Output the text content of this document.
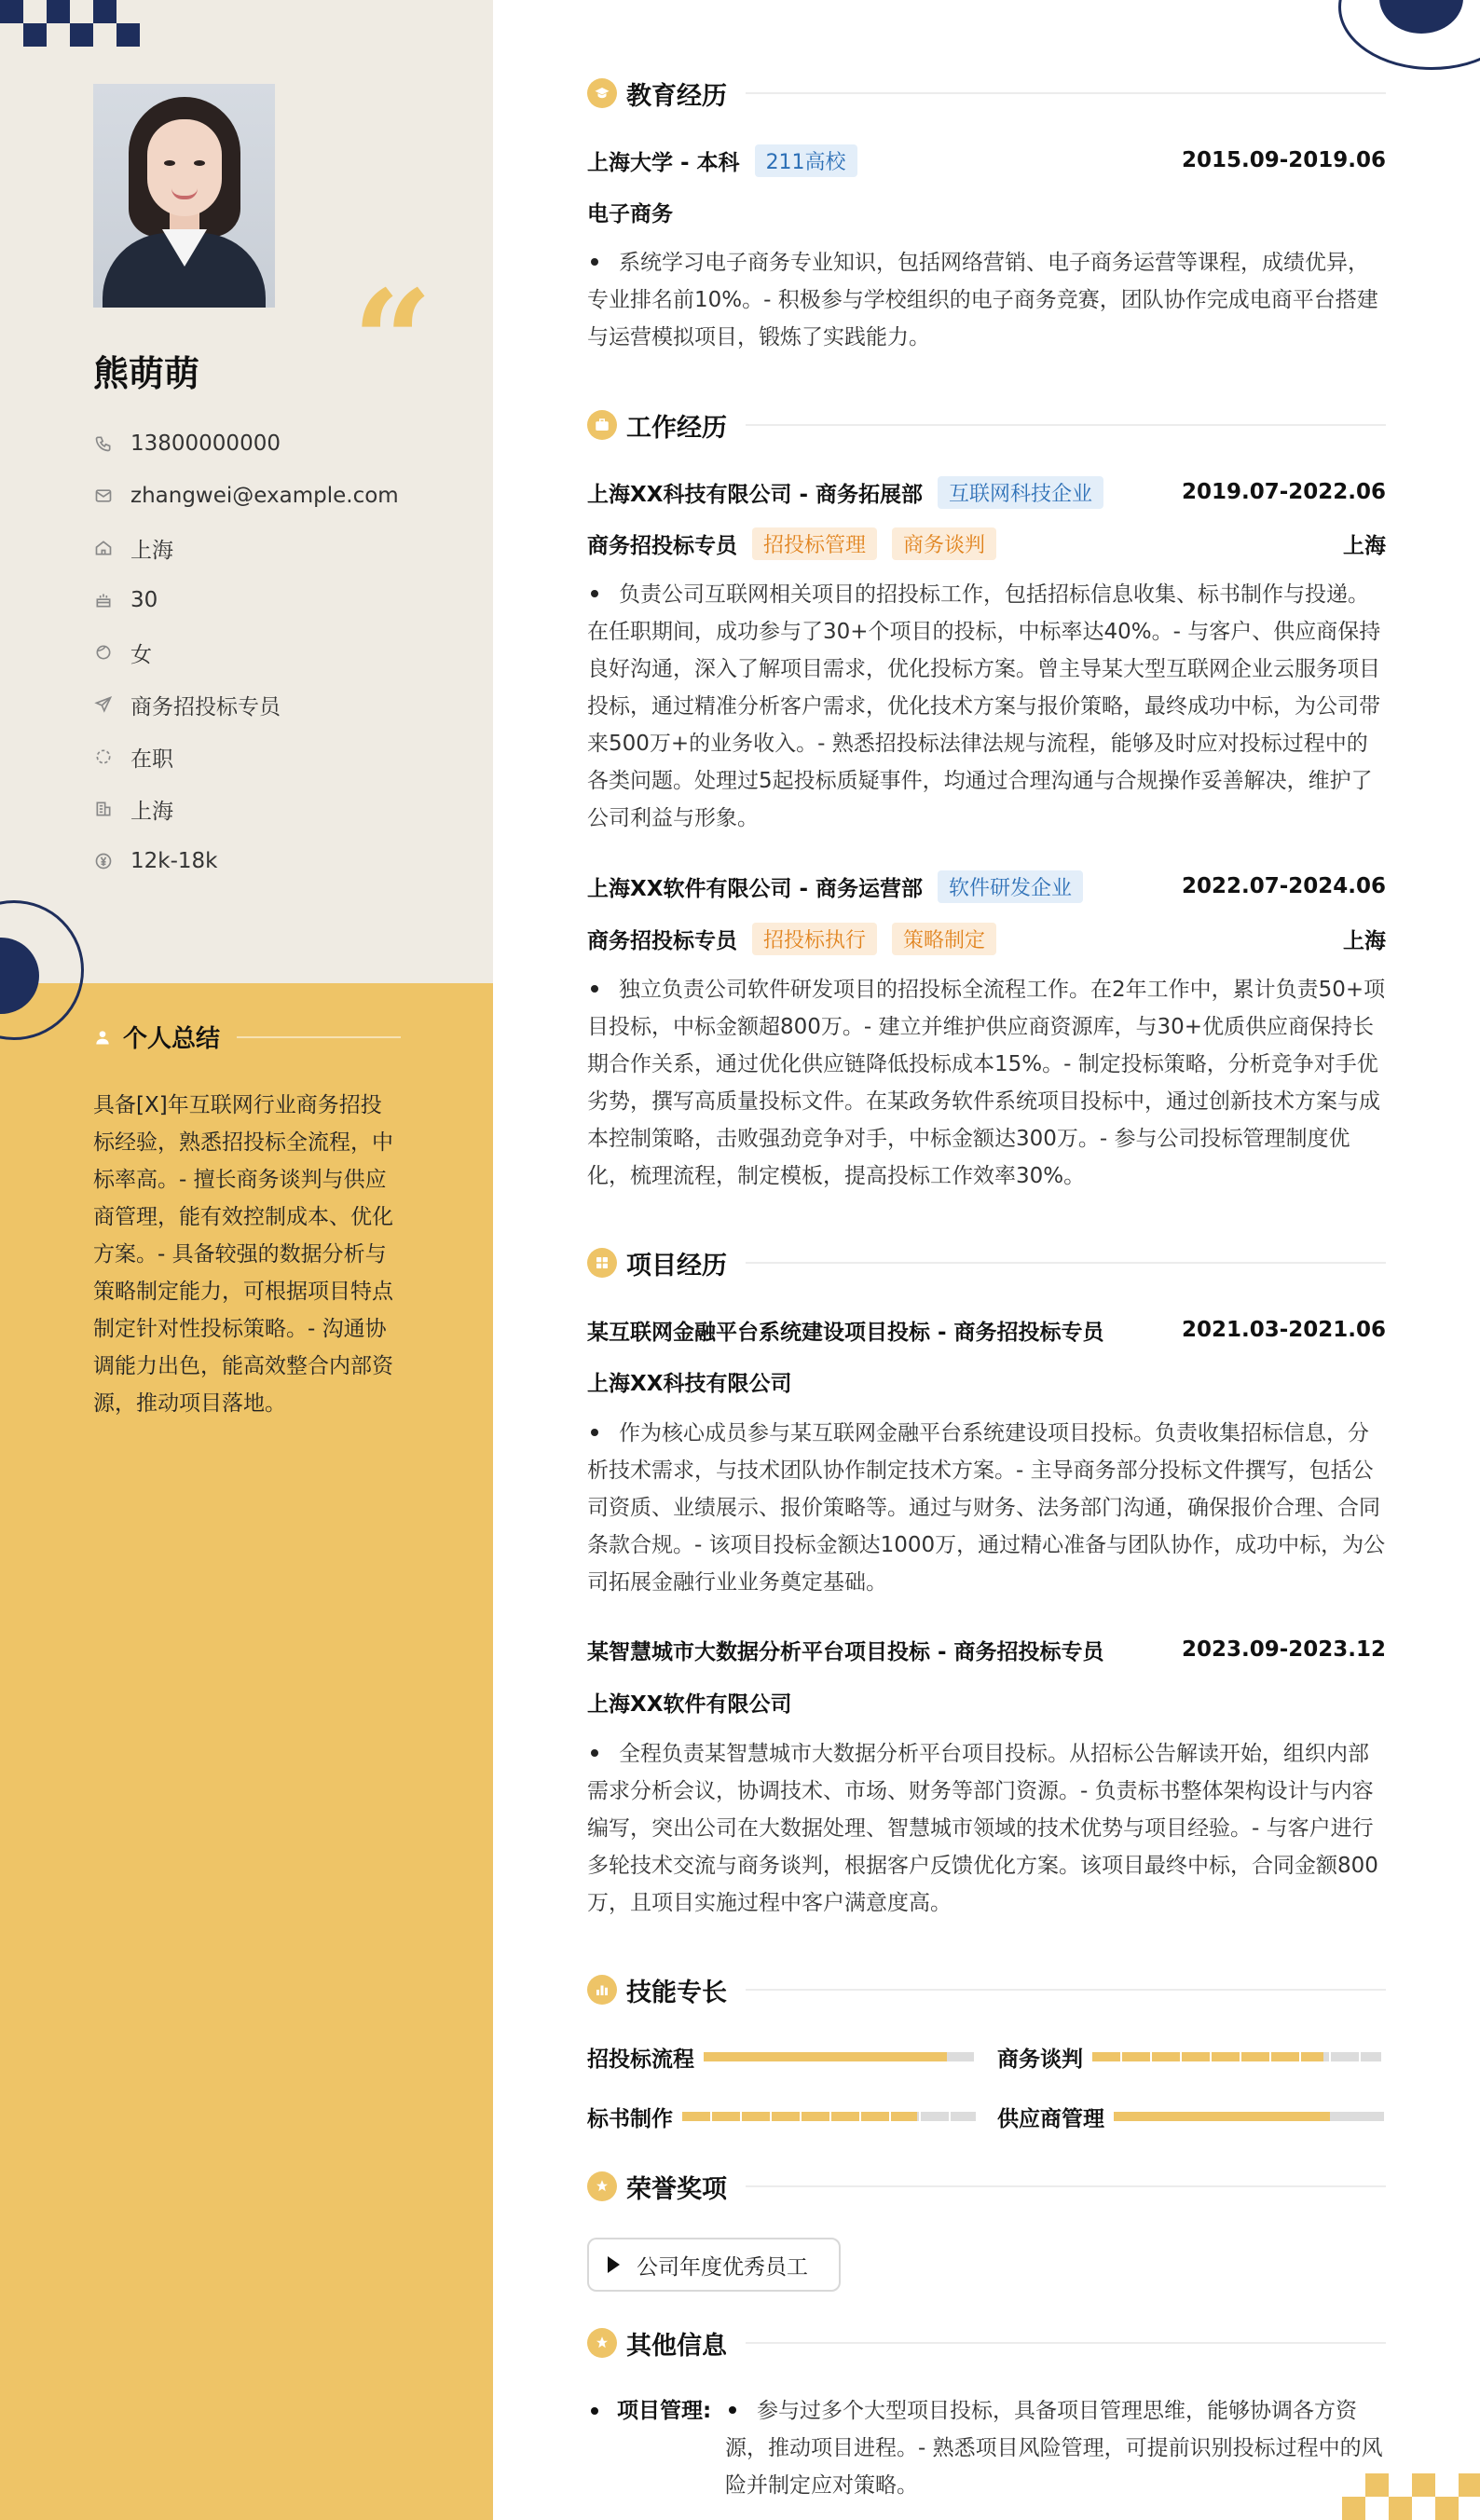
“
熊萌萌
13800000000
zhangwei@example.com
上海
30
女
商务招投标专员
在职
上海
12k-18k
个人总结
具备[X]年互联网行业商务招投标经验，熟悉招投标全流程，中标率高。- 擅长商务谈判与供应商管理，能有效控制成本、优化方案。- 具备较强的数据分析与策略制定能力，可根据项目特点制定针对性投标策略。- 沟通协调能力出色，能高效整合内部资源，推动项目落地。
教育经历
上海大学 - 本科	211高校	2015.09-2019.06
电子商务
系统学习电子商务专业知识，包括网络营销、电子商务运营等课程，成绩优异，专业排名前10%。- 积极参与学校组织的电子商务竞赛，团队协作完成电商平台搭建与运营模拟项目，锻炼了实践能力。
工作经历
上海XX科技有限公司 - 商务拓展部	互联网科技企业	2019.07-2022.06
商务招投标专员	招投标管理	商务谈判	上海
负责公司互联网相关项目的招投标工作，包括招标信息收集、标书制作与投递。在任职期间，成功参与了30+个项目的投标，中标率达40%。- 与客户、供应商保持良好沟通，深入了解项目需求，优化投标方案。曾主导某大型互联网企业云服务项目投标，通过精准分析客户需求，优化技术方案与报价策略，最终成功中标，为公司带来500万+的业务收入。- 熟悉招投标法律法规与流程，能够及时应对投标过程中的各类问题。处理过5起投标质疑事件，均通过合理沟通与合规操作妥善解决，维护了公司利益与形象。
上海XX软件有限公司 - 商务运营部	软件研发企业	2022.07-2024.06
商务招投标专员	招投标执行	策略制定	上海
独立负责公司软件研发项目的招投标全流程工作。在2年工作中，累计负责50+项目投标，中标金额超800万。- 建立并维护供应商资源库，与30+优质供应商保持长期合作关系，通过优化供应链降低投标成本15%。- 制定投标策略，分析竞争对手优劣势，撰写高质量投标文件。在某政务软件系统项目投标中，通过创新技术方案与成本控制策略，击败强劲竞争对手，中标金额达300万。- 参与公司投标管理制度优化，梳理流程，制定模板，提高投标工作效率30%。
项目经历
某互联网金融平台系统建设项目投标 - 商务招投标专员	2021.03-2021.06
上海XX科技有限公司
作为核心成员参与某互联网金融平台系统建设项目投标。负责收集招标信息，分析技术需求，与技术团队协作制定技术方案。- 主导商务部分投标文件撰写，包括公司资质、业绩展示、报价策略等。通过与财务、法务部门沟通，确保报价合理、合同条款合规。- 该项目投标金额达1000万，通过精心准备与团队协作，成功中标，为公司拓展金融行业业务奠定基础。
某智慧城市大数据分析平台项目投标 - 商务招投标专员	2023.09-2023.12
上海XX软件有限公司
全程负责某智慧城市大数据分析平台项目投标。从招标公告解读开始，组织内部需求分析会议，协调技术、市场、财务等部门资源。- 负责标书整体架构设计与内容编写，突出公司在大数据处理、智慧城市领域的技术优势与项目经验。- 与客户进行多轮技术交流与商务谈判，根据客户反馈优化方案。该项目最终中标，合同金额800万，且项目实施过程中客户满意度高。
技能专长
招投标流程	商务谈判
标书制作	供应商管理
荣誉奖项
公司年度优秀员工
其他信息
项目管理:	参与过多个大型项目投标，具备项目管理思维，能够协调各方资源，推动项目进程。- 熟悉项目风险管理，可提前识别投标过程中的风险并制定应对策略。
